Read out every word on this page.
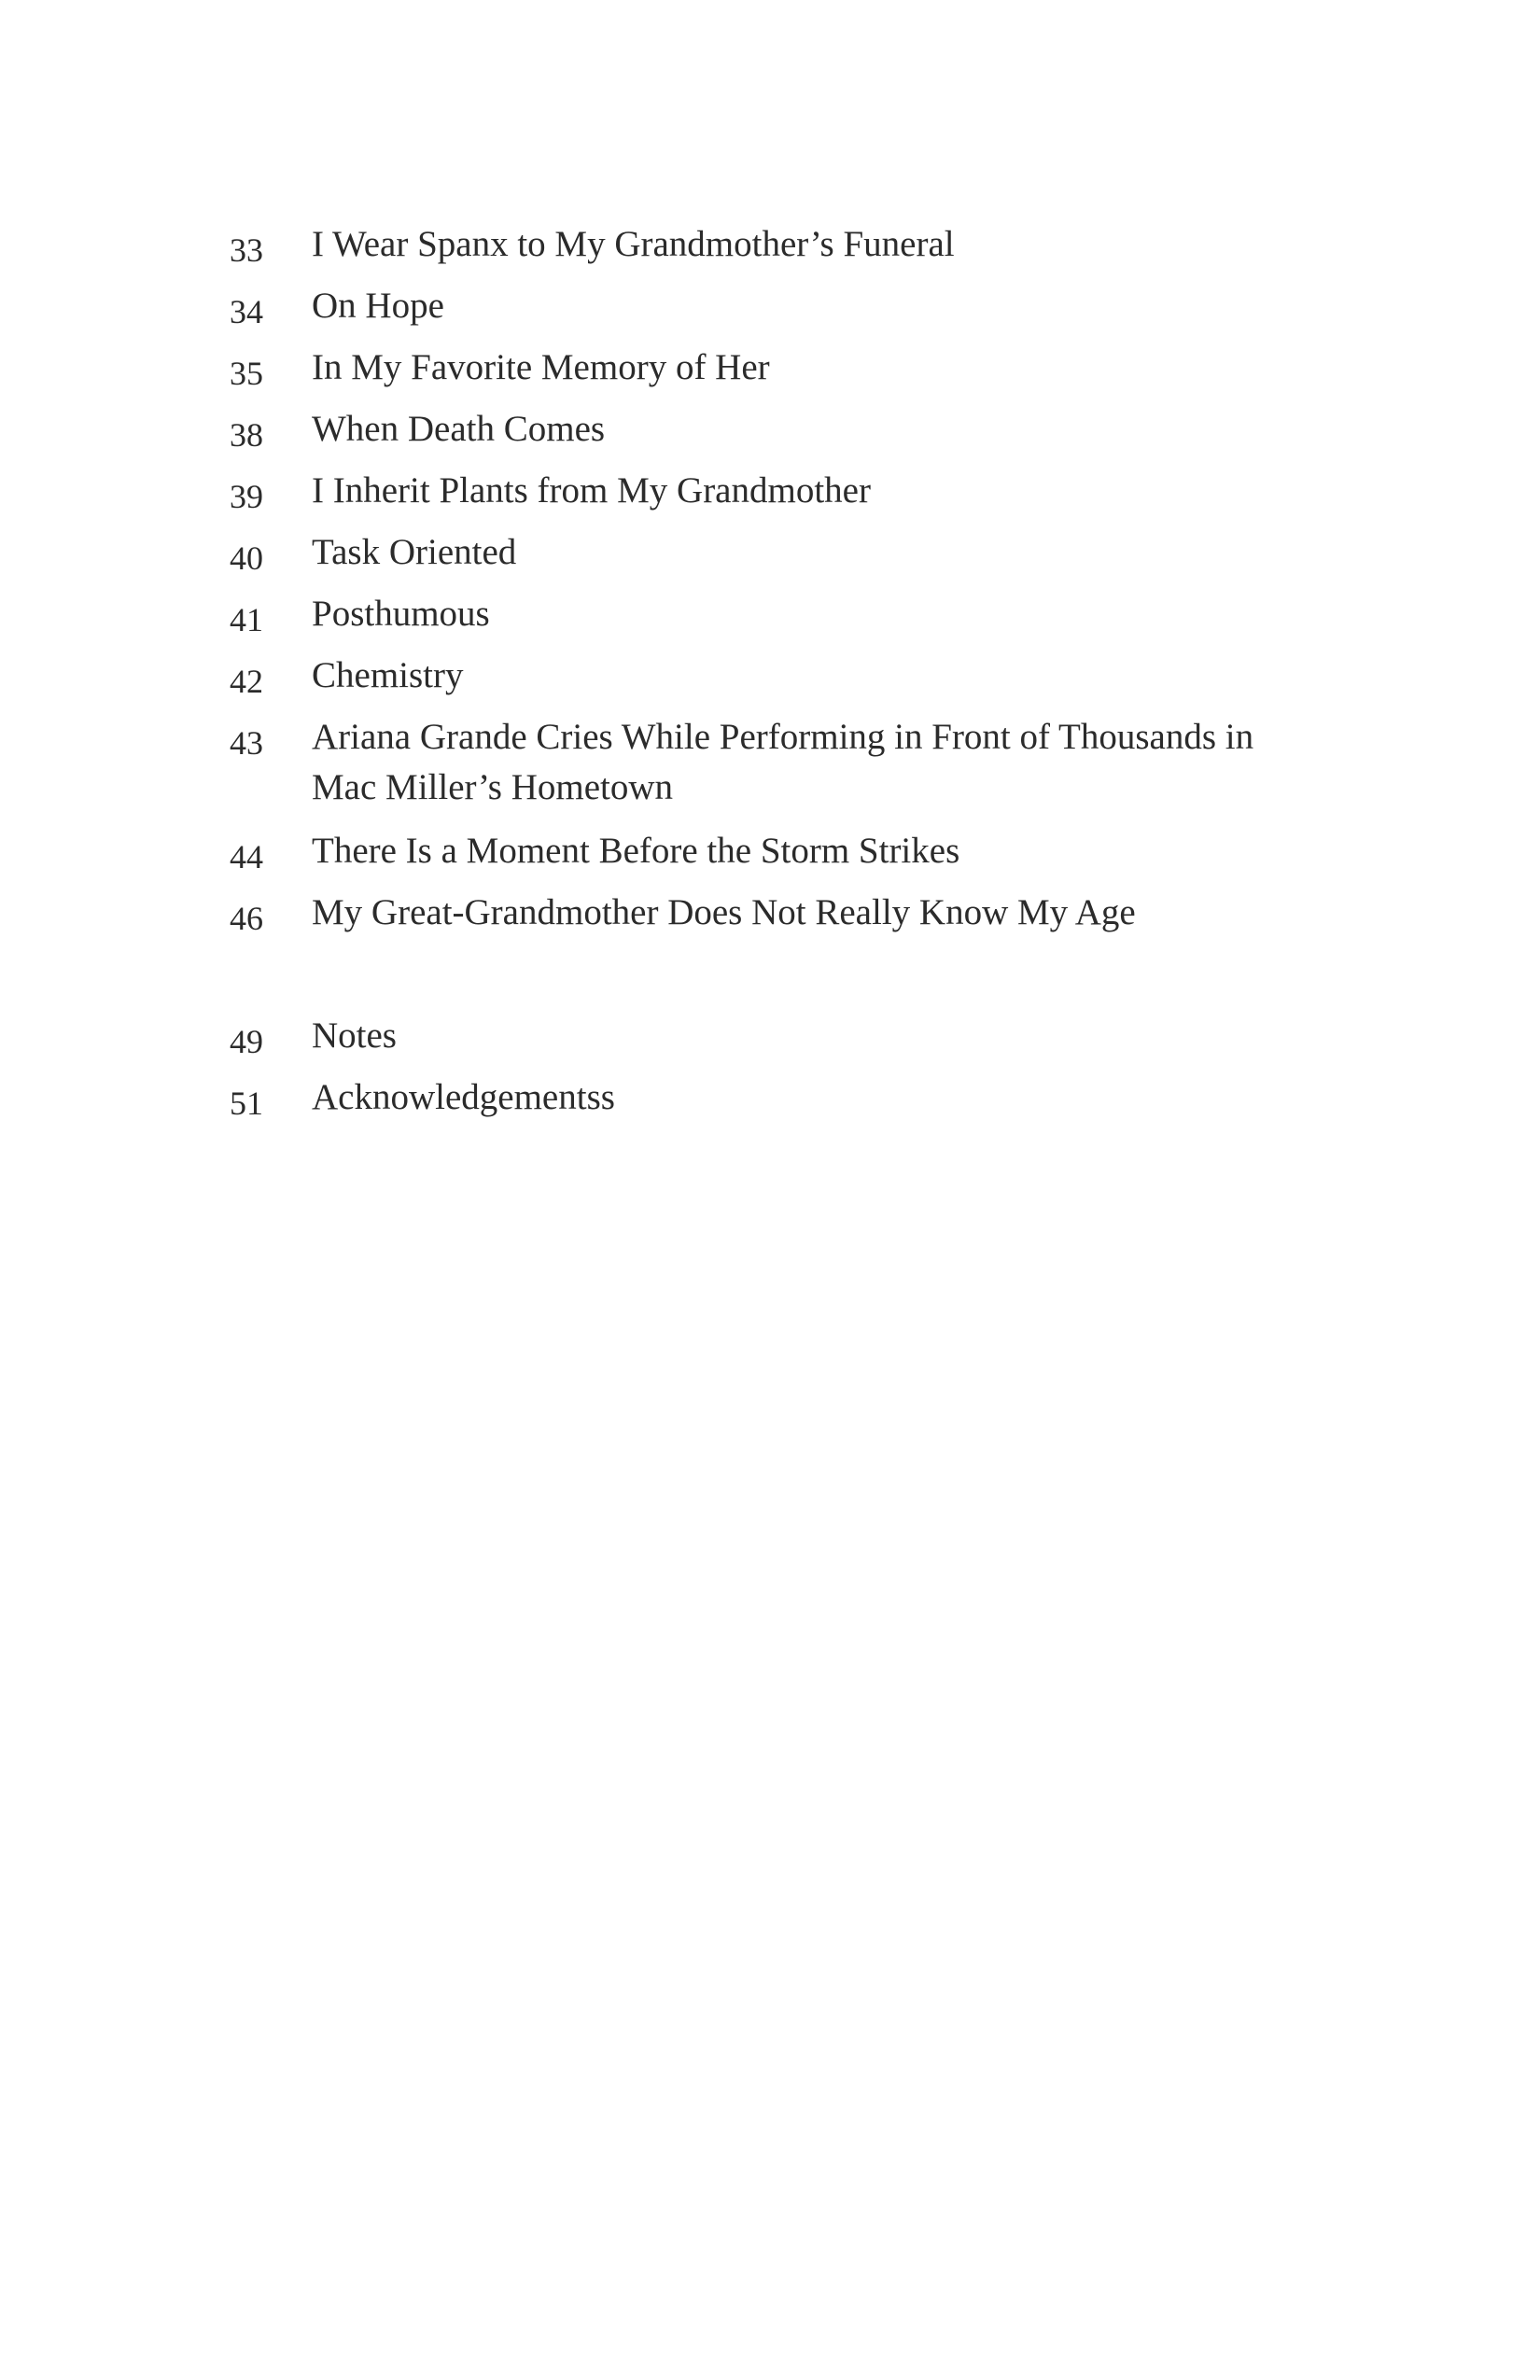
33	I Wear Spanx to My Grandmother’s Funeral
34	On Hope
35	In My Favorite Memory of Her
38	When Death Comes
39	I Inherit Plants from My Grandmother
40	Task Oriented
41	Posthumous
42	Chemistry
43	Ariana Grande Cries While Performing in Front of Thousands in Mac Miller’s Hometown
44	There Is a Moment Before the Storm Strikes
46	My Great-Grandmother Does Not Really Know My Age
49	Notes
51	Acknowledgementss
